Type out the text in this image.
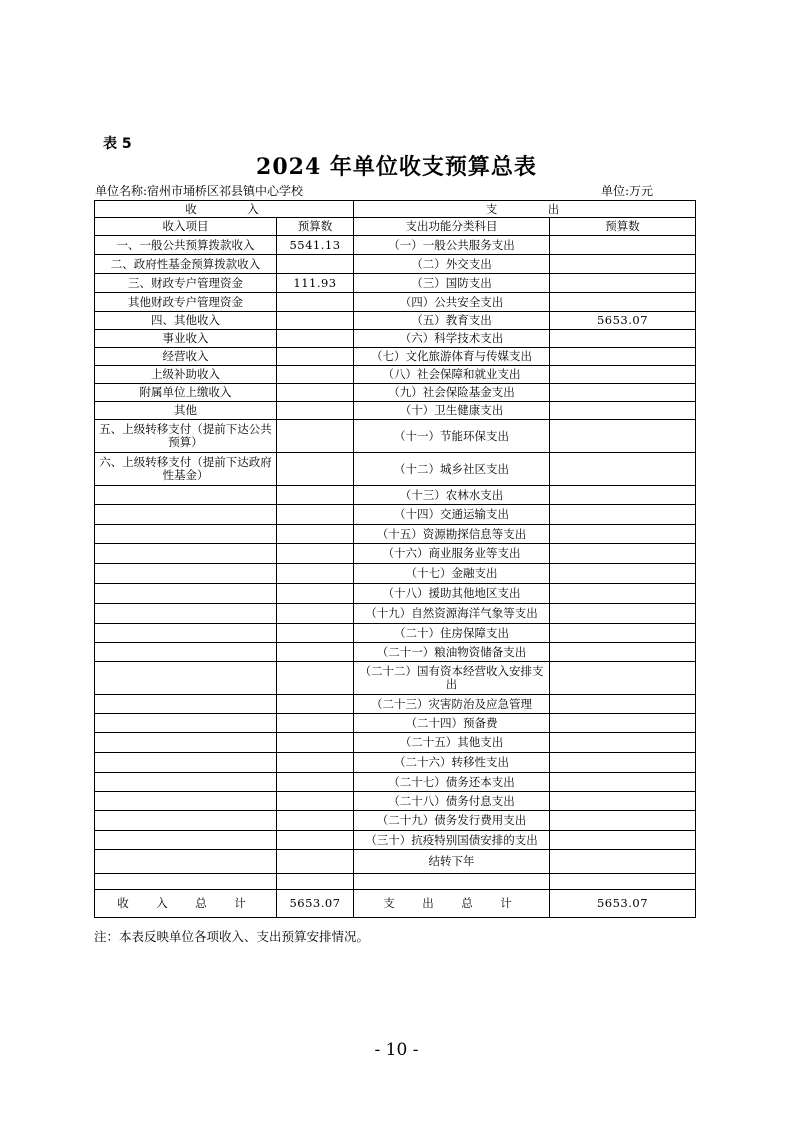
表 5
2024 年单位收支预算总表
单位名称:宿州市埇桥区祁县镇中心学校	单位:万元
收　　　入		支　　　出	
收入项目	预算数	支出功能分类科目	预算数
一、一般公共预算拨款收入	5541.13	（一）一般公共服务支出	
二、政府性基金预算拨款收入		（二）外交支出	
三、财政专户管理资金	111.93	（三）国防支出	
其他财政专户管理资金		（四）公共安全支出	
四、其他收入		（五）教育支出	5653.07
事业收入		（六）科学技术支出	
经营收入		（七）文化旅游体育与传媒支出	
上级补助收入		（八）社会保障和就业支出	
附属单位上缴收入		（九）社会保险基金支出	
其他		（十）卫生健康支出	
五、上级转移支付（提前下达公共预算）		（十一）节能环保支出	
六、上级转移支付（提前下达政府性基金）		（十二）城乡社区支出	
		（十三）农林水支出	
		（十四）交通运输支出	
		（十五）资源勘探信息等支出	
		（十六）商业服务业等支出	
		（十七）金融支出	
		（十八）援助其他地区支出	
		（十九）自然资源海洋气象等支出	
		（二十）住房保障支出	
		（二十一）粮油物资储备支出	
		（二十二）国有资本经营收入安排支出	
		（二十三）灾害防治及应急管理	
		（二十四）预备费	
		（二十五）其他支出	
		（二十六）转移性支出	
		（二十七）债务还本支出	
		（二十八）债务付息支出	
		（二十九）债务发行费用支出	
		（三十）抗疫特别国债安排的支出	
		结转下年	

收　入　总　计	5653.07	支　出　总　计	5653.07
注：本表反映单位各项收入、支出预算安排情况。
- 10 -
